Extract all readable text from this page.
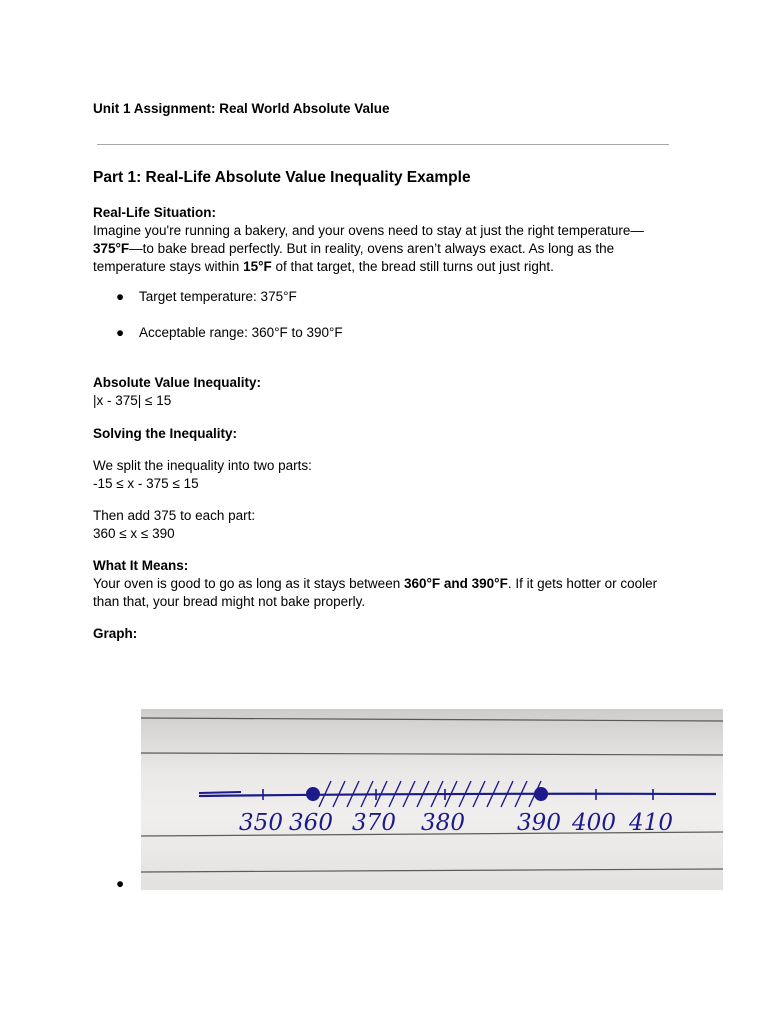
Unit 1 Assignment: Real World Absolute Value
Part 1: Real-Life Absolute Value Inequality Example
Real-Life Situation:
Imagine you're running a bakery, and your ovens need to stay at just the right temperature—375°F—to bake bread perfectly. But in reality, ovens aren’t always exact. As long as the temperature stays within 15°F of that target, the bread still turns out just right.
● Target temperature: 375°F
● Acceptable range: 360°F to 390°F
Absolute Value Inequality:
|x - 375| ≤ 15
Solving the Inequality:
We split the inequality into two parts:
-15 ≤ x - 375 ≤ 15
Then add 375 to each part:
360 ≤ x ≤ 390
What It Means:
Your oven is good to go as long as it stays between 360°F and 390°F. If it gets hotter or cooler than that, your bread might not bake properly.
Graph:
350 360 370 380 390 400 410
●
